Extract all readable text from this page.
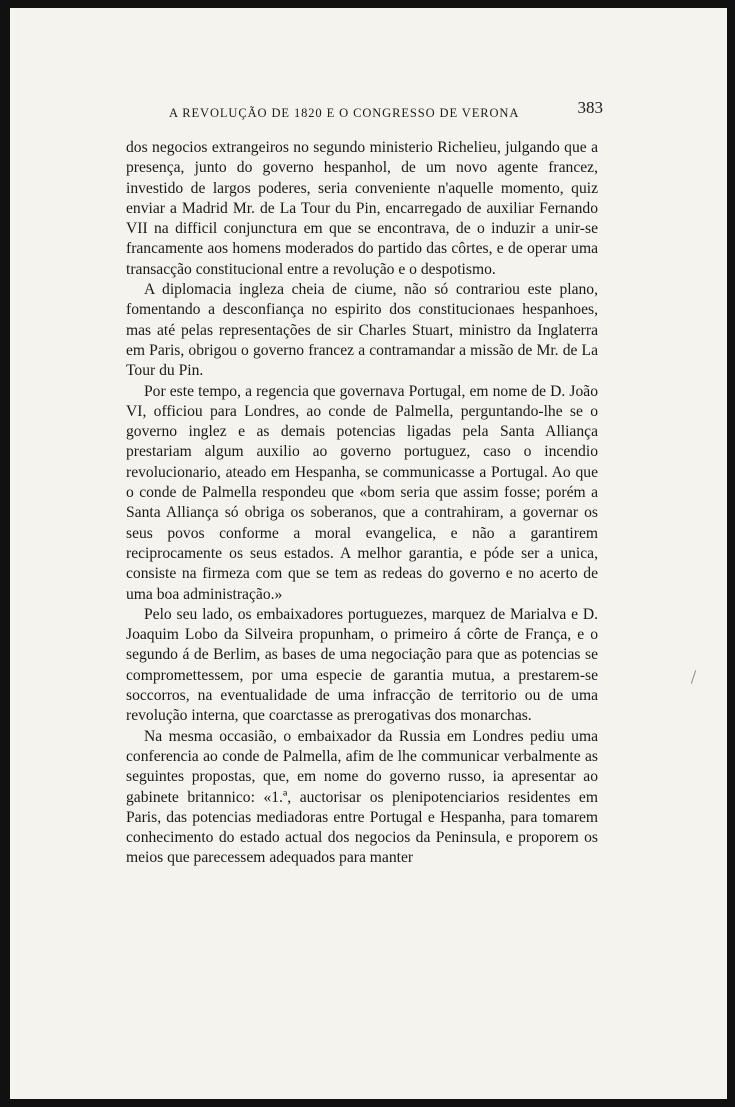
A REVOLUÇÃO DE 1820 E O CONGRESSO DE VERONA	383

dos negocios extrangeiros no segundo ministerio Richelieu, julgando que a presença, junto do governo hespanhol, de um novo agente francez, investido de largos poderes, seria conveniente n'aquelle momento, quiz enviar a Madrid Mr. de La Tour du Pin, encarregado de auxiliar Fernando VII na difficil conjunctura em que se encontrava, de o induzir a unir-se francamente aos homens moderados do partido das côrtes, e de operar uma transacção constitucional entre a revolução e o despotismo.

A diplomacia ingleza cheia de ciume, não só contrariou este plano, fomentando a desconfiança no espirito dos constitucionaes hespanhoes, mas até pelas representações de sir Charles Stuart, ministro da Inglaterra em Paris, obrigou o governo francez a contramandar a missão de Mr. de La Tour du Pin.

Por este tempo, a regencia que governava Portugal, em nome de D. João VI, officiou para Londres, ao conde de Palmella, perguntando-lhe se o governo inglez e as demais potencias ligadas pela Santa Alliança prestariam algum auxilio ao governo portuguez, caso o incendio revolucionario, ateado em Hespanha, se communicasse a Portugal. Ao que o conde de Palmella respondeu que «bom seria que assim fosse; porém a Santa Alliança só obriga os soberanos, que a contrahiram, a governar os seus povos conforme a moral evangelica, e não a garantirem reciprocamente os seus estados. A melhor garantia, e póde ser a unica, consiste na firmeza com que se tem as redeas do governo e no acerto de uma boa administração.»

Pelo seu lado, os embaixadores portuguezes, marquez de Marialva e D. Joaquim Lobo da Silveira propunham, o primeiro á côrte de França, e o segundo á de Berlim, as bases de uma negociação para que as potencias se compromettessem, por uma especie de garantia mutua, a prestarem-se soccorros, na eventualidade de uma infracção de territorio ou de uma revolução interna, que coarctasse as prerogativas dos monarchas.

Na mesma occasião, o embaixador da Russia em Londres pediu uma conferencia ao conde de Palmella, afim de lhe communicar verbalmente as seguintes propostas, que, em nome do governo russo, ia apresentar ao gabinete britannico: «1.ª, auctorisar os plenipotenciarios residentes em Paris, das potencias mediadoras entre Portugal e Hespanha, para tomarem conhecimento do estado actual dos negocios da Peninsula, e proporem os meios que parecessem adequados para manter
